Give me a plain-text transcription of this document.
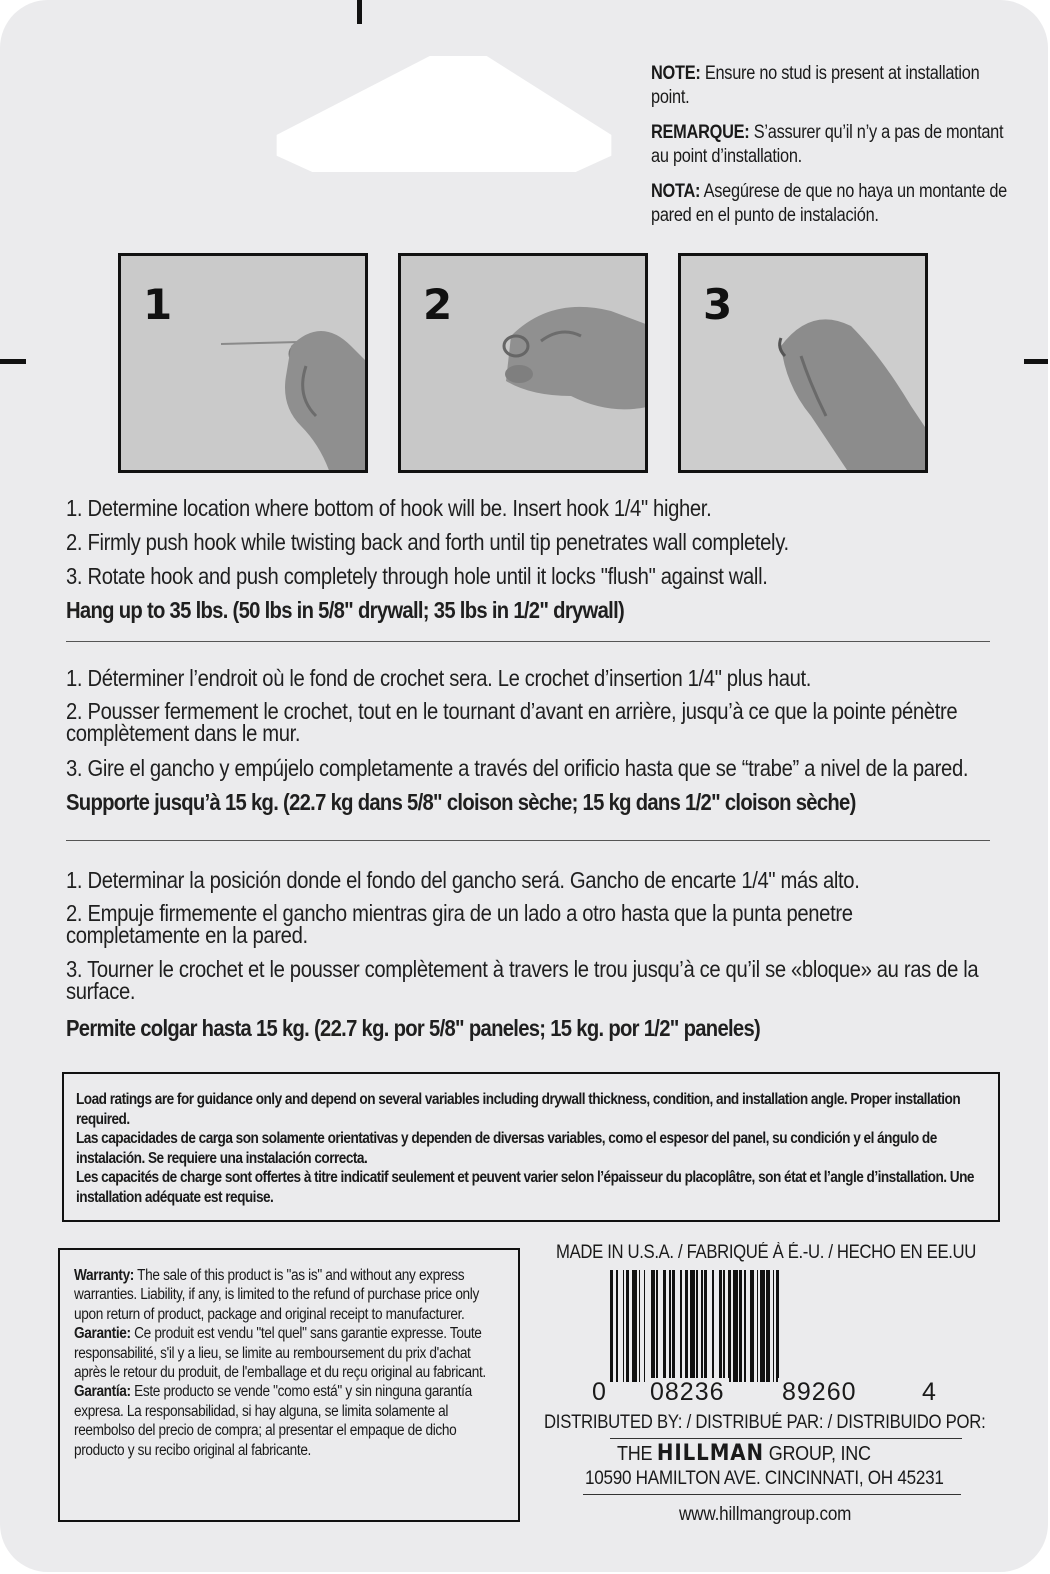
NOTE: Ensure no stud is present at installation point.

REMARQUE: S’assurer qu’il n’y a pas de montant au point d’installation.

NOTA: Asegúrese de que no haya un montante de pared en el punto de instalación.

1	2	3

1. Determine location where bottom of hook will be. Insert hook 1/4" higher.

2. Firmly push hook while twisting back and forth until tip penetrates wall completely.

3. Rotate hook and push completely through hole until it locks "flush" against wall.

Hang up to 35 lbs. (50 lbs in 5/8" drywall; 35 lbs in 1/2" drywall)

1. Déterminer l’endroit où le fond de crochet sera. Le crochet d’insertion 1/4" plus haut.

2. Pousser fermement le crochet, tout en le tournant d’avant en arrière, jusqu’à ce que la pointe pénètre complètement dans le mur.

3. Gire el gancho y empújelo completamente a través del orificio hasta que se “trabe” a nivel de la pared.

Supporte jusqu’à 15 kg. (22.7 kg dans 5/8" cloison sèche; 15 kg dans 1/2" cloison sèche)

1. Determinar la posición donde el fondo del gancho será. Gancho de encarte 1/4" más alto.

2. Empuje firmemente el gancho mientras gira de un lado a otro hasta que la punta penetre completamente en la pared.

3. Tourner le crochet et le pousser complètement à travers le trou jusqu’à ce qu’il se «bloque» au ras de la surface.

Permite colgar hasta 15 kg. (22.7 kg. por 5/8" paneles; 15 kg. por 1/2" paneles)

Load ratings are for guidance only and depend on several variables including drywall thickness, condition, and installation angle. Proper installation required.

Las capacidades de carga son solamente orientativas y dependen de diversas variables, como el espesor del panel, su condición y el ángulo de instalación. Se requiere una instalación correcta.

Les capacités de charge sont offertes à titre indicatif seulement et peuvent varier selon l’épaisseur du placoplâtre, son état et l’angle d’installation. Une installation adéquate est requise.

Warranty: The sale of this product is "as is" and without any express warranties. Liability, if any, is limited to the refund of purchase price only upon return of product, package and original receipt to manufacturer.

Garantie: Ce produit est vendu "tel quel" sans garantie expresse. Toute responsabilité, s'il y a lieu, se limite au remboursement du prix d'achat après le retour du produit, de l'emballage et du reçu original au fabricant.

Garantía: Este producto se vende "como está" y sin ninguna garantía expresa. La responsabilidad, si hay alguna, se limita solamente al reembolso del precio de compra; al presentar el empaque de dicho producto y su recibo original al fabricante.

MADE IN U.S.A. / FABRIQUÉ À É.-U. / HECHO EN EE.UU
0 08236 89260	4
DISTRIBUTED BY: / DISTRIBUÉ PAR: / DISTRIBUIDO POR:
THE HILLMAN GROUP, INC
10590 HAMILTON AVE. CINCINNATI, OH 45231
www.hillmangroup.com
